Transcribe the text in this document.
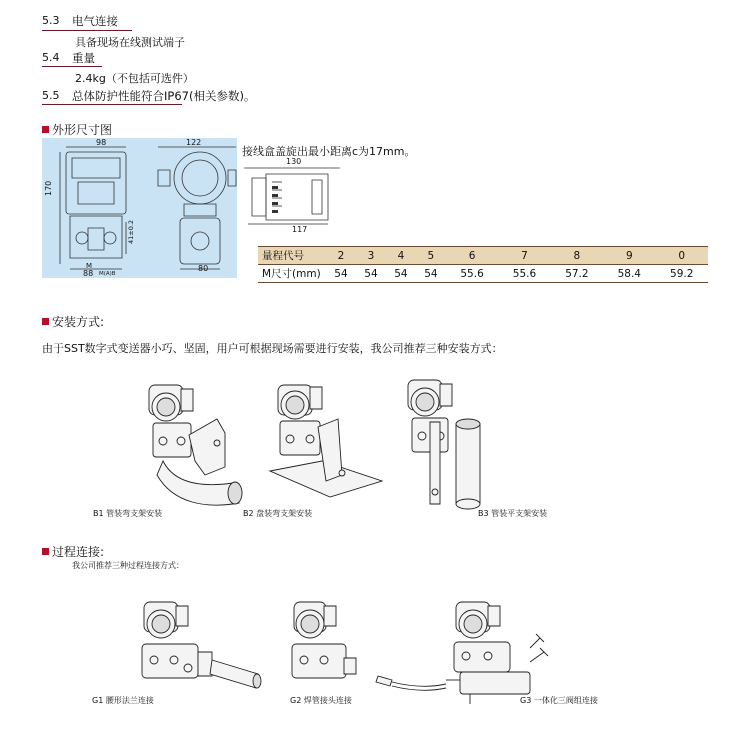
5.3 电气连接
具备现场在线测试端子
5.4 重量
2.4kg（不包括可选件）
5.5 总体防护性能符合IP67(相关参数)。
外形尺寸图
98	122
170
41±0.2
M
88 M(A)B
80
接线盒盖旋出最小距离c为17mm。
130
117
量程代号	2	3	4	5	6	7	8	9	0
M尺寸(mm)	54	54	54	54	55.6	55.6	57.2	58.4	59.2
安装方式:
由于SST数字式变送器小巧、坚固，用户可根据现场需要进行安装，我公司推荐三种安装方式：
B1 管装弯支架安装	B2 盘装弯支架安装	B3 管装平支架安装
过程连接:
我公司推荐三种过程连接方式：
G1 腰形法兰连接	G2 焊管接头连接	G3 一体化三阀组连接
